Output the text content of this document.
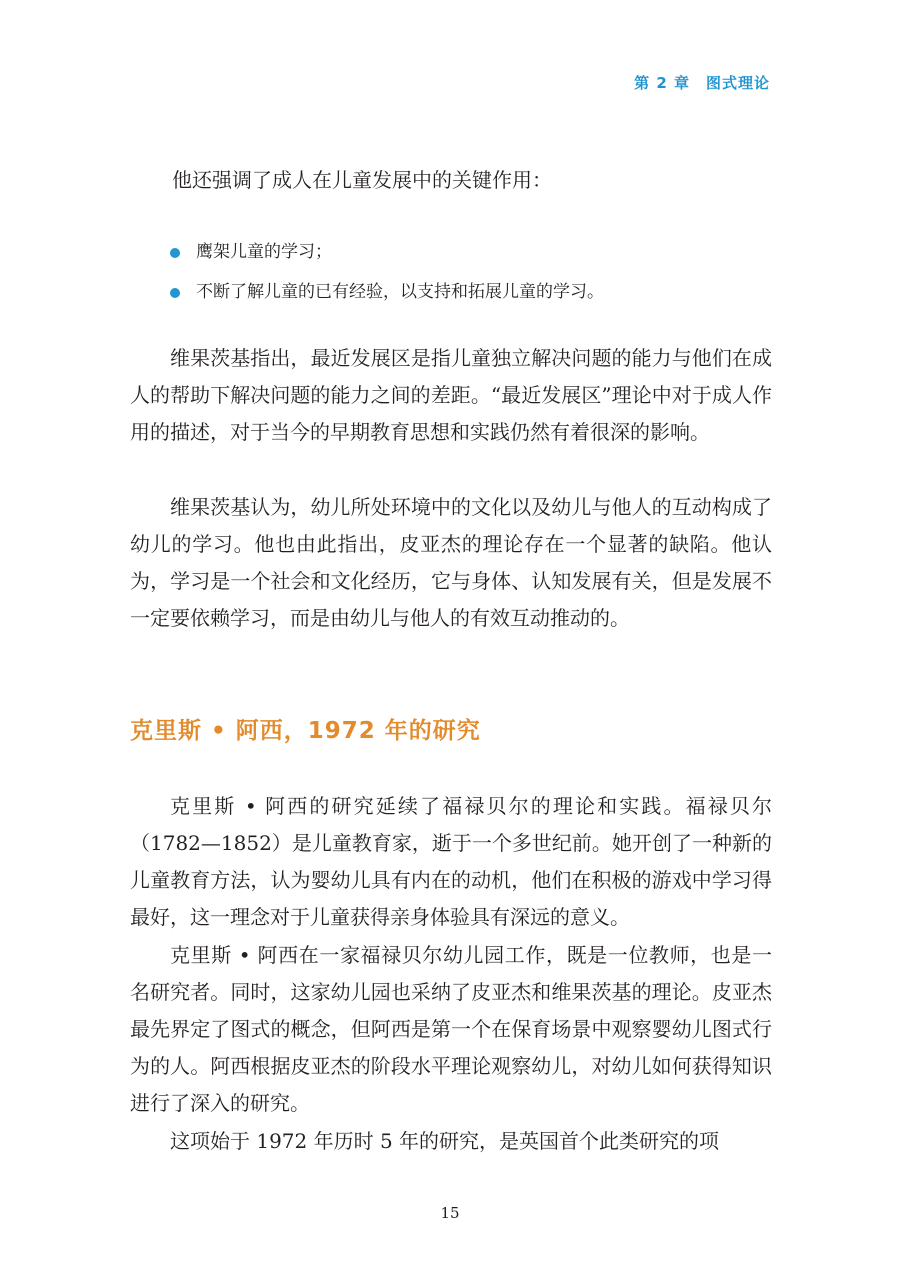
第 2 章　图式理论
他还强调了成人在儿童发展中的关键作用：
鹰架儿童的学习；
不断了解儿童的已有经验，以支持和拓展儿童的学习。

维果茨基指出，最近发展区是指儿童独立解决问题的能力与他们在成人的帮助下解决问题的能力之间的差距。“最近发展区”理论中对于成人作用的描述，对于当今的早期教育思想和实践仍然有着很深的影响。

维果茨基认为，幼儿所处环境中的文化以及幼儿与他人的互动构成了幼儿的学习。他也由此指出，皮亚杰的理论存在一个显著的缺陷。他认为，学习是一个社会和文化经历，它与身体、认知发展有关，但是发展不一定要依赖学习，而是由幼儿与他人的有效互动推动的。

克里斯 • 阿西，1972 年的研究

克里斯 • 阿西的研究延续了福禄贝尔的理论和实践。福禄贝尔（1782—1852）是儿童教育家，逝于一个多世纪前。她开创了一种新的儿童教育方法，认为婴幼儿具有内在的动机，他们在积极的游戏中学习得最好，这一理念对于儿童获得亲身体验具有深远的意义。

克里斯 • 阿西在一家福禄贝尔幼儿园工作，既是一位教师，也是一名研究者。同时，这家幼儿园也采纳了皮亚杰和维果茨基的理论。皮亚杰最先界定了图式的概念，但阿西是第一个在保育场景中观察婴幼儿图式行为的人。阿西根据皮亚杰的阶段水平理论观察幼儿，对幼儿如何获得知识进行了深入的研究。

这项始于 1972 年历时 5 年的研究，是英国首个此类研究的项

15
